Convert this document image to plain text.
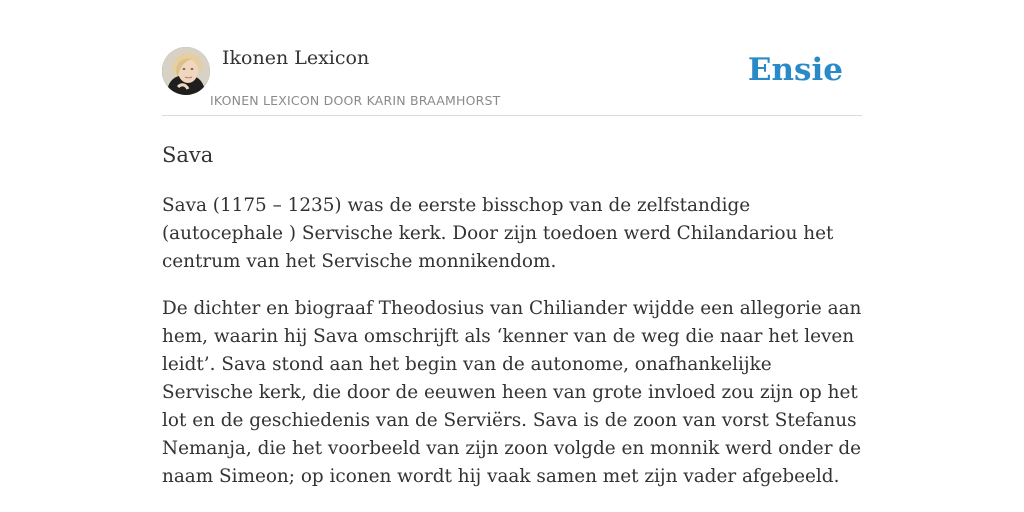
Ikonen Lexicon
IKONEN LEXICON DOOR KARIN BRAAMHORST
Ensie
Sava

Sava (1175 – 1235) was de eerste bisschop van de zelfstandige (autocephale ) Servische kerk. Door zijn toedoen werd Chilandariou het centrum van het Servische monnikendom.

De dichter en biograaf Theodosius van Chiliander wijdde een allegorie aan hem, waarin hij Sava omschrijft als ‘kenner van de weg die naar het leven leidt’. Sava stond aan het begin van de autonome, onafhankelijke Servische kerk, die door de eeuwen heen van grote invloed zou zijn op het lot en de geschiedenis van de Serviërs. Sava is de zoon van vorst Stefanus Nemanja, die het voorbeeld van zijn zoon volgde en monnik werd onder de naam Simeon; op iconen wordt hij vaak samen met zijn vader afgebeeld.
